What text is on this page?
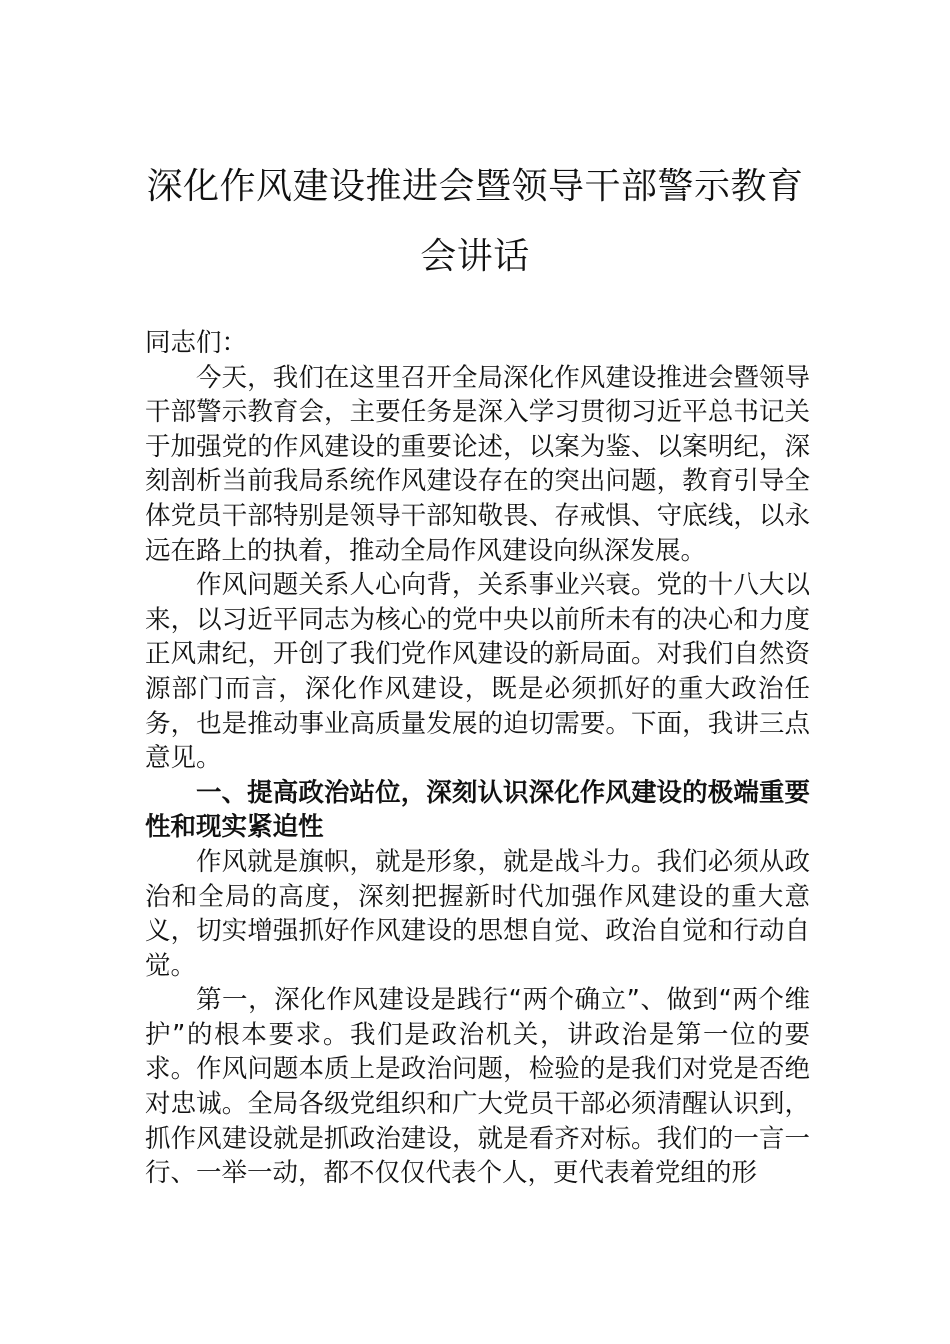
深化作风建设推进会暨领导干部警示教育
会讲话

同志们：

今天，我们在这里召开全局深化作风建设推进会暨领导干部警示教育会，主要任务是深入学习贯彻习近平总书记关于加强党的作风建设的重要论述，以案为鉴、以案明纪，深刻剖析当前我局系统作风建设存在的突出问题，教育引导全体党员干部特别是领导干部知敬畏、存戒惧、守底线，以永远在路上的执着，推动全局作风建设向纵深发展。

作风问题关系人心向背，关系事业兴衰。党的十八大以来，以习近平同志为核心的党中央以前所未有的决心和力度正风肃纪，开创了我们党作风建设的新局面。对我们自然资源部门而言，深化作风建设，既是必须抓好的重大政治任务，也是推动事业高质量发展的迫切需要。下面，我讲三点意见。

一、提高政治站位，深刻认识深化作风建设的极端重要性和现实紧迫性

作风就是旗帜，就是形象，就是战斗力。我们必须从政治和全局的高度，深刻把握新时代加强作风建设的重大意义，切实增强抓好作风建设的思想自觉、政治自觉和行动自觉。

第一，深化作风建设是践行“两个确立”、做到“两个维护”的根本要求。我们是政治机关，讲政治是第一位的要求。作风问题本质上是政治问题，检验的是我们对党是否绝对忠诚。全局各级党组织和广大党员干部必须清醒认识到，抓作风建设就是抓政治建设，就是看齐对标。我们的一言一行、一举一动，都不仅仅代表个人，更代表着党组的形
